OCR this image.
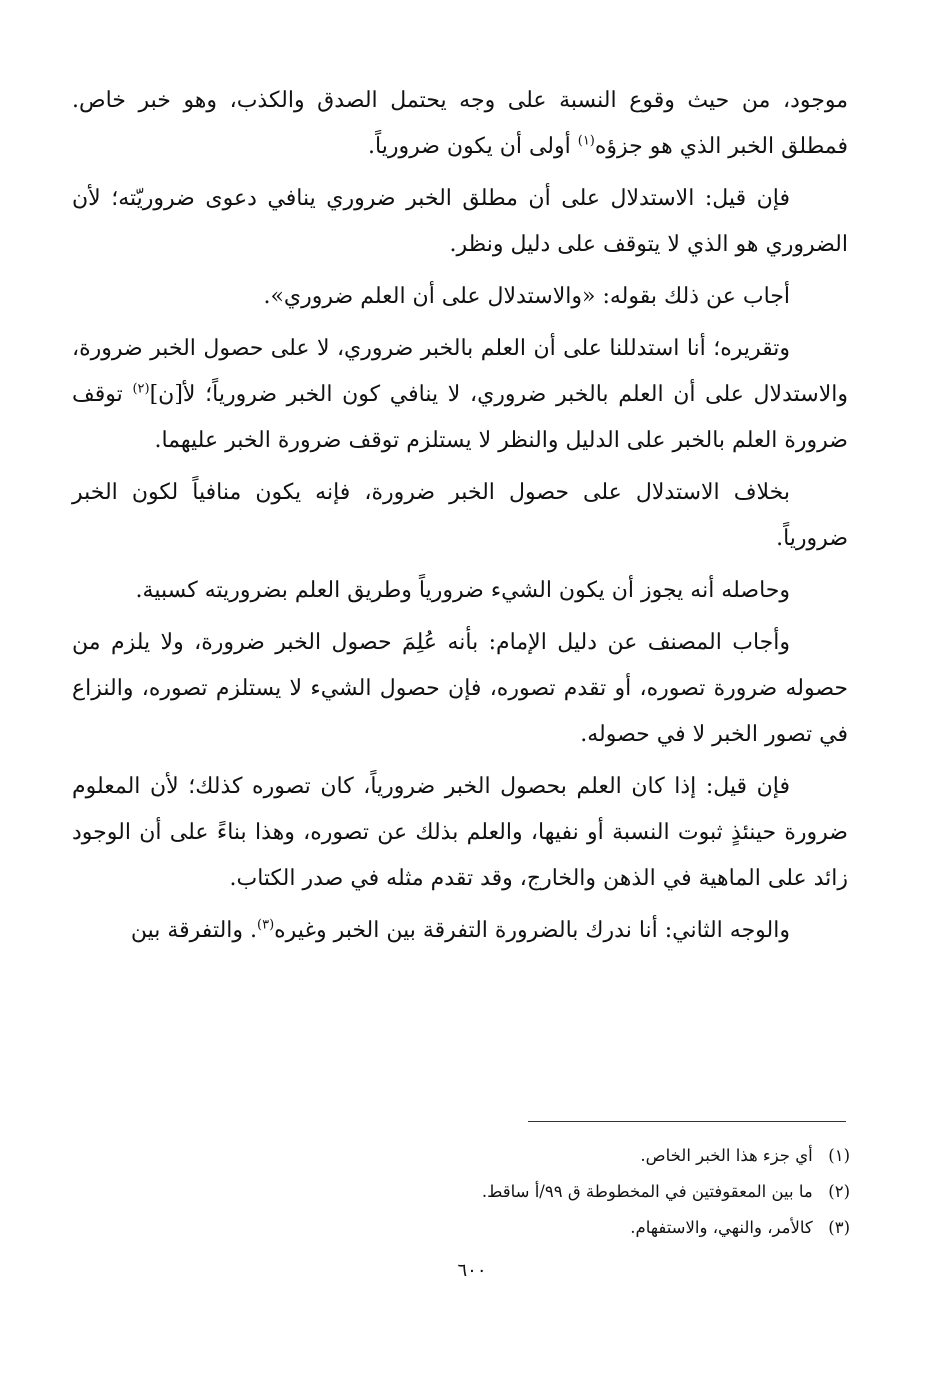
موجود، من حيث وقوع النسبة على وجه يحتمل الصدق والكذب، وهو خبر خاص. فمطلق الخبر الذي هو جزؤه$^{(١)}$ أولى أن يكون ضرورياً.

فإن قيل: الاستدلال على أن مطلق الخبر ضروري ينافي دعوى ضروريّته؛ لأن الضروري هو الذي لا يتوقف على دليل ونظر.

أجاب عن ذلك بقوله: «والاستدلال على أن العلم ضروري».

وتقريره؛ أنا استدللنا على أن العلم بالخبر ضروري، لا على حصول الخبر ضرورة، والاستدلال على أن العلم بالخبر ضروري، لا ينافي كون الخبر ضرورياً؛ لأ[ن]$^{(٢)}$ توقف ضرورة العلم بالخبر على الدليل والنظر لا يستلزم توقف ضرورة الخبر عليهما.

بخلاف الاستدلال على حصول الخبر ضرورة، فإنه يكون منافياً لكون الخبر ضرورياً.

وحاصله أنه يجوز أن يكون الشيء ضرورياً وطريق العلم بضروريته كسبية.

وأجاب المصنف عن دليل الإمام: بأنه عُلِمَ حصول الخبر ضرورة، ولا يلزم من حصوله ضرورة تصوره، أو تقدم تصوره، فإن حصول الشيء لا يستلزم تصوره، والنزاع في تصور الخبر لا في حصوله.

فإن قيل: إذا كان العلم بحصول الخبر ضرورياً، كان تصوره كذلك؛ لأن المعلوم ضرورة حينئذٍ ثبوت النسبة أو نفيها، والعلم بذلك عن تصوره، وهذا بناءً على أن الوجود زائد على الماهية في الذهن والخارج، وقد تقدم مثله في صدر الكتاب.

والوجه الثاني: أنا ندرك بالضرورة التفرقة بين الخبر وغيره$^{(٣)}$. والتفرقة بين

(١) أي جزء هذا الخبر الخاص.
(٢) ما بين المعقوفتين في المخطوطة ق ٩٩/أ ساقط.
(٣) كالأمر، والنهي، والاستفهام.
٦٠٠
